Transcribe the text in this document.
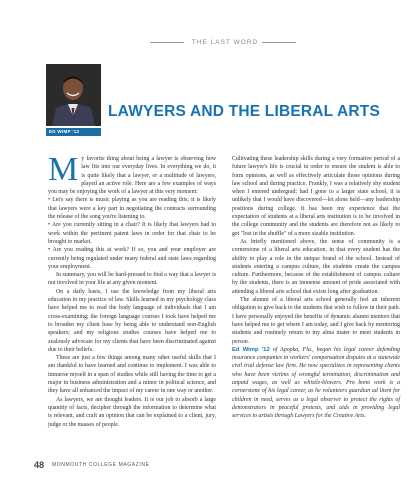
THE LAST WORD
ED WIMP '12
LAWYERS AND THE LIBERAL ARTS

My favorite thing about being a lawyer is observing how law fits into our everyday lives. In everything we do, it is quite likely that a lawyer, or a multitude of lawyers, played an active role. Here are a few examples of ways you may be enjoying the work of a lawyer at this very moment:

• Let's say there is music playing as you are reading this; it is likely that lawyers were a key part in negotiating the contracts surrounding the release of the song you're listening to.

• Are you currently sitting in a chair? It is likely that lawyers had to work within the pertinent patent laws in order for that chair to be brought to market.

• Are you reading this at work? If so, you and your employer are currently being regulated under many federal and state laws regarding your employment.

In summary, you will be hard-pressed to find a way that a lawyer is not involved in your life at any given moment.

On a daily basis, I use the knowledge from my liberal arts education in my practice of law. Skills learned in my psychology class have helped me to read the body language of individuals that I am cross-examining; the foreign language courses I took have helped me to broaden my client base by being able to understand non-English speakers; and my religious studies courses have helped me to zealously advocate for my clients that have been discriminated against due to their beliefs.

These are just a few things among many other useful skills that I am thankful to have learned and continue to implement. I was able to immerse myself in a span of studies while still having the time to get a major in business administration and a minor in political science, and they have all enhanced the impact of my career in one way or another.

As lawyers, we are thought leaders. It is our job to absorb a large quantity of facts, decipher through the information to determine what is relevant, and craft an opinion that can be explained to a client, jury, judge or the masses of people.

Cultivating these leadership skills during a very formative period of a future lawyer's life is crucial in order to ensure the student is able to form opinions, as well as effectively articulate those opinions during law school and during practice. Frankly, I was a relatively shy student when I entered undergrad; had I gone to a larger state school, it is unlikely that I would have discovered—let alone held—any leadership positions during college. It has been my experience that the expectation of students at a liberal arts institution is to be involved in the college community and the students are therefore not as likely to get "lost in the shuffle" of a more sizable institution.

As briefly mentioned above, the sense of community is a cornerstone of a liberal arts education, in that every student has the ability to play a role in the unique brand of the school. Instead of students entering a campus culture, the students create the campus culture. Furthermore, because of the establishment of campus culture by the students, there is an immense amount of pride associated with attending a liberal arts school that exists long after graduation.

The alumni of a liberal arts school generally feel an inherent obligation to give back to the students that wish to follow in their path. I have personally enjoyed the benefits of dynamic alumni mentors that have helped me to get where I am today, and I give back by mentoring students and routinely return to my alma mater to meet students in person.

Ed Wimp '12 of Apopka, Fla., began his legal career defending insurance companies in workers' compensation disputes at a statewide civil trial defense law firm. He now specializes in representing clients who have been victims of wrongful termination, discrimination and unpaid wages, as well as whistle-blowers. Pro bono work is a cornerstone of his legal career, as he volunteers guardian ad litem for children in need, serves as a legal observer to protect the rights of demonstrators in peaceful protests, and aids in providing legal services to artists through Lawyers for the Creative Arts.

48 MONMOUTH COLLEGE MAGAZINE
